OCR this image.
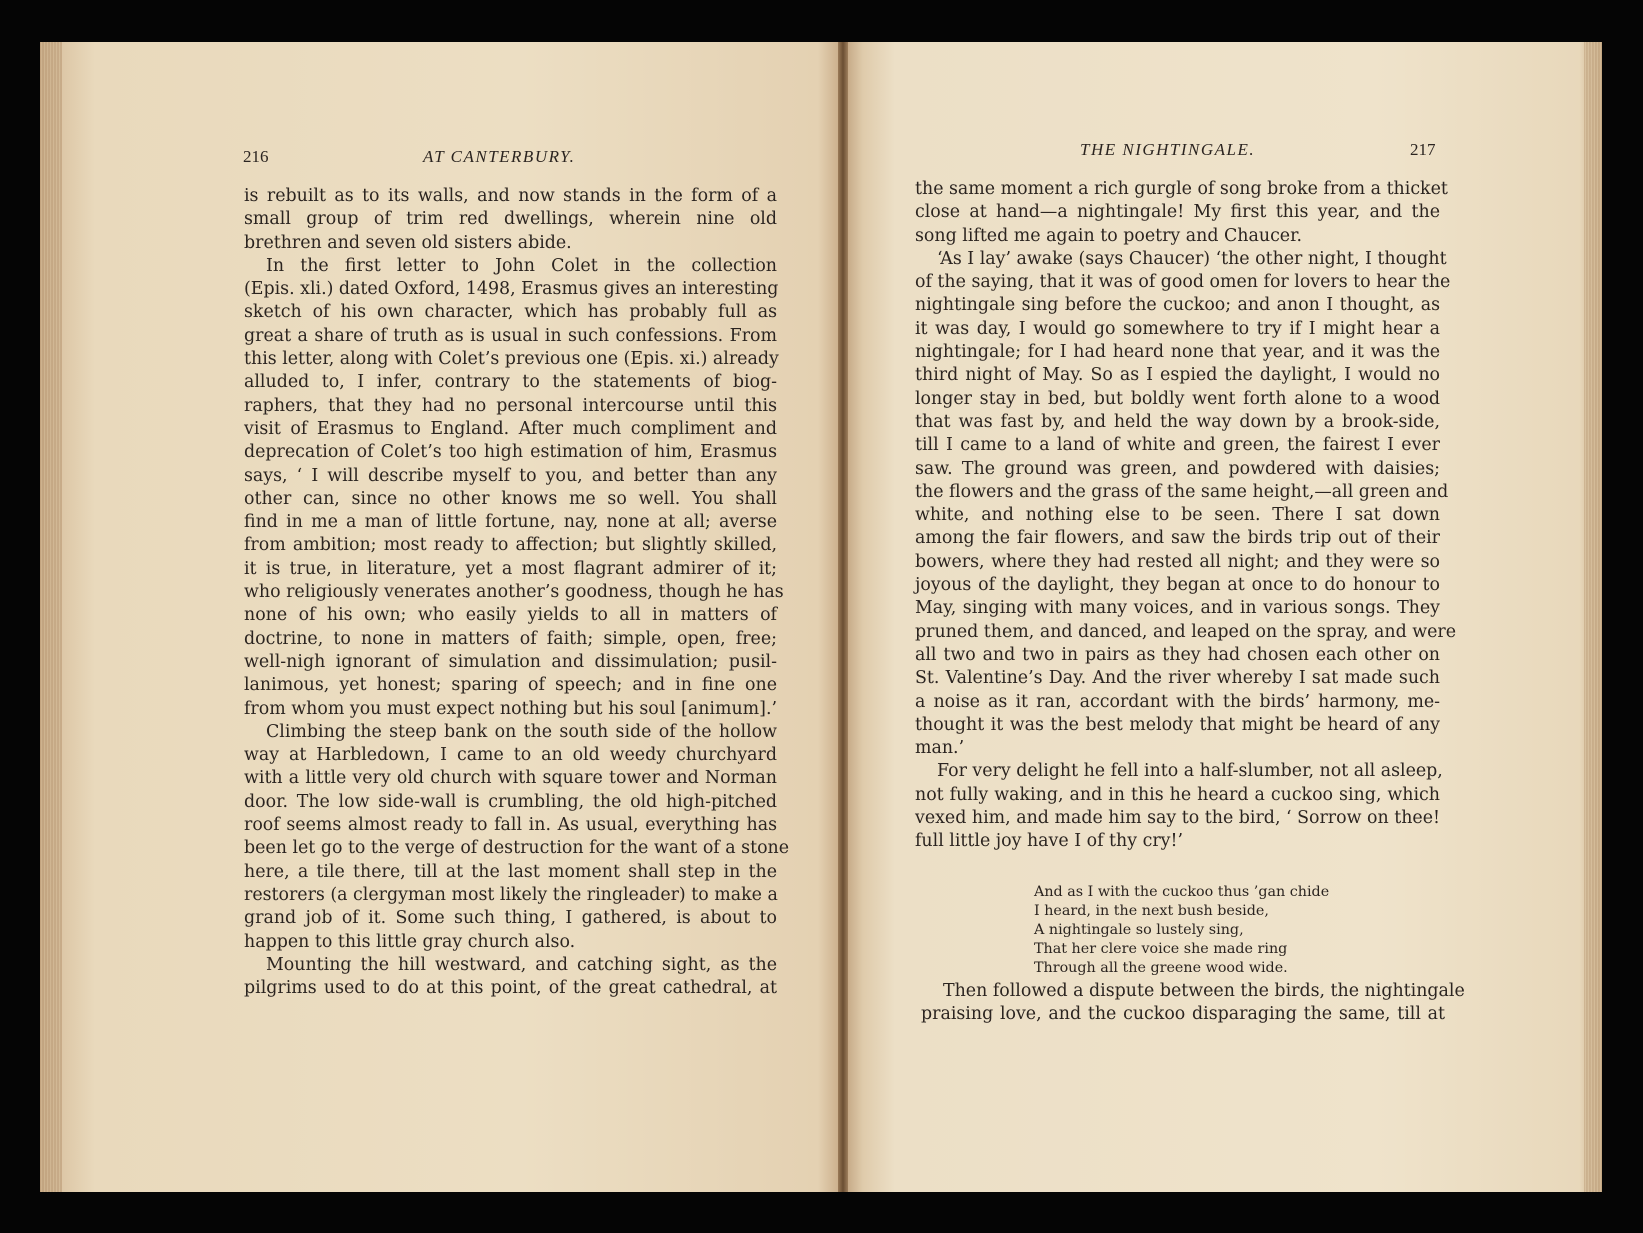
216	AT CANTERBURY.
is rebuilt as to its walls, and now stands in the form of a
small group of trim red dwellings, wherein nine old
brethren and seven old sisters abide.
In the first letter to John Colet in the collection
(Epis. xli.) dated Oxford, 1498, Erasmus gives an interesting
sketch of his own character, which has probably full as
great a share of truth as is usual in such confessions. From
this letter, along with Colet’s previous one (Epis. xi.) already
alluded to, I infer, contrary to the statements of biog-
raphers, that they had no personal intercourse until this
visit of Erasmus to England. After much compliment and
deprecation of Colet’s too high estimation of him, Erasmus
says, ‘ I will describe myself to you, and better than any
other can, since no other knows me so well. You shall
find in me a man of little fortune, nay, none at all; averse
from ambition; most ready to affection; but slightly skilled,
it is true, in literature, yet a most flagrant admirer of it;
who religiously venerates another’s goodness, though he has
none of his own; who easily yields to all in matters of
doctrine, to none in matters of faith; simple, open, free;
well-nigh ignorant of simulation and dissimulation; pusil-
lanimous, yet honest; sparing of speech; and in fine one
from whom you must expect nothing but his soul [animum].’
Climbing the steep bank on the south side of the hollow
way at Harbledown, I came to an old weedy churchyard
with a little very old church with square tower and Norman
door. The low side-wall is crumbling, the old high-pitched
roof seems almost ready to fall in. As usual, everything has
been let go to the verge of destruction for the want of a stone
here, a tile there, till at the last moment shall step in the
restorers (a clergyman most likely the ringleader) to make a
grand job of it. Some such thing, I gathered, is about to
happen to this little gray church also.
Mounting the hill westward, and catching sight, as the
pilgrims used to do at this point, of the great cathedral, at
THE NIGHTINGALE.	217
the same moment a rich gurgle of song broke from a thicket
close at hand—a nightingale! My first this year, and the
song lifted me again to poetry and Chaucer.
‘As I lay’ awake (says Chaucer) ‘the other night, I thought
of the saying, that it was of good omen for lovers to hear the
nightingale sing before the cuckoo; and anon I thought, as
it was day, I would go somewhere to try if I might hear a
nightingale; for I had heard none that year, and it was the
third night of May. So as I espied the daylight, I would no
longer stay in bed, but boldly went forth alone to a wood
that was fast by, and held the way down by a brook-side,
till I came to a land of white and green, the fairest I ever
saw. The ground was green, and powdered with daisies;
the flowers and the grass of the same height,—all green and
white, and nothing else to be seen. There I sat down
among the fair flowers, and saw the birds trip out of their
bowers, where they had rested all night; and they were so
joyous of the daylight, they began at once to do honour to
May, singing with many voices, and in various songs. They
pruned them, and danced, and leaped on the spray, and were
all two and two in pairs as they had chosen each other on
St. Valentine’s Day. And the river whereby I sat made such
a noise as it ran, accordant with the birds’ harmony, me-
thought it was the best melody that might be heard of any
man.’
For very delight he fell into a half-slumber, not all asleep,
not fully waking, and in this he heard a cuckoo sing, which
vexed him, and made him say to the bird, ‘ Sorrow on thee!
full little joy have I of thy cry!’
And as I with the cuckoo thus ’gan chide
I heard, in the next bush beside,
A nightingale so lustely sing,
That her clere voice she made ring
Through all the greene wood wide.
Then followed a dispute between the birds, the nightingale
praising love, and the cuckoo disparaging the same, till at
